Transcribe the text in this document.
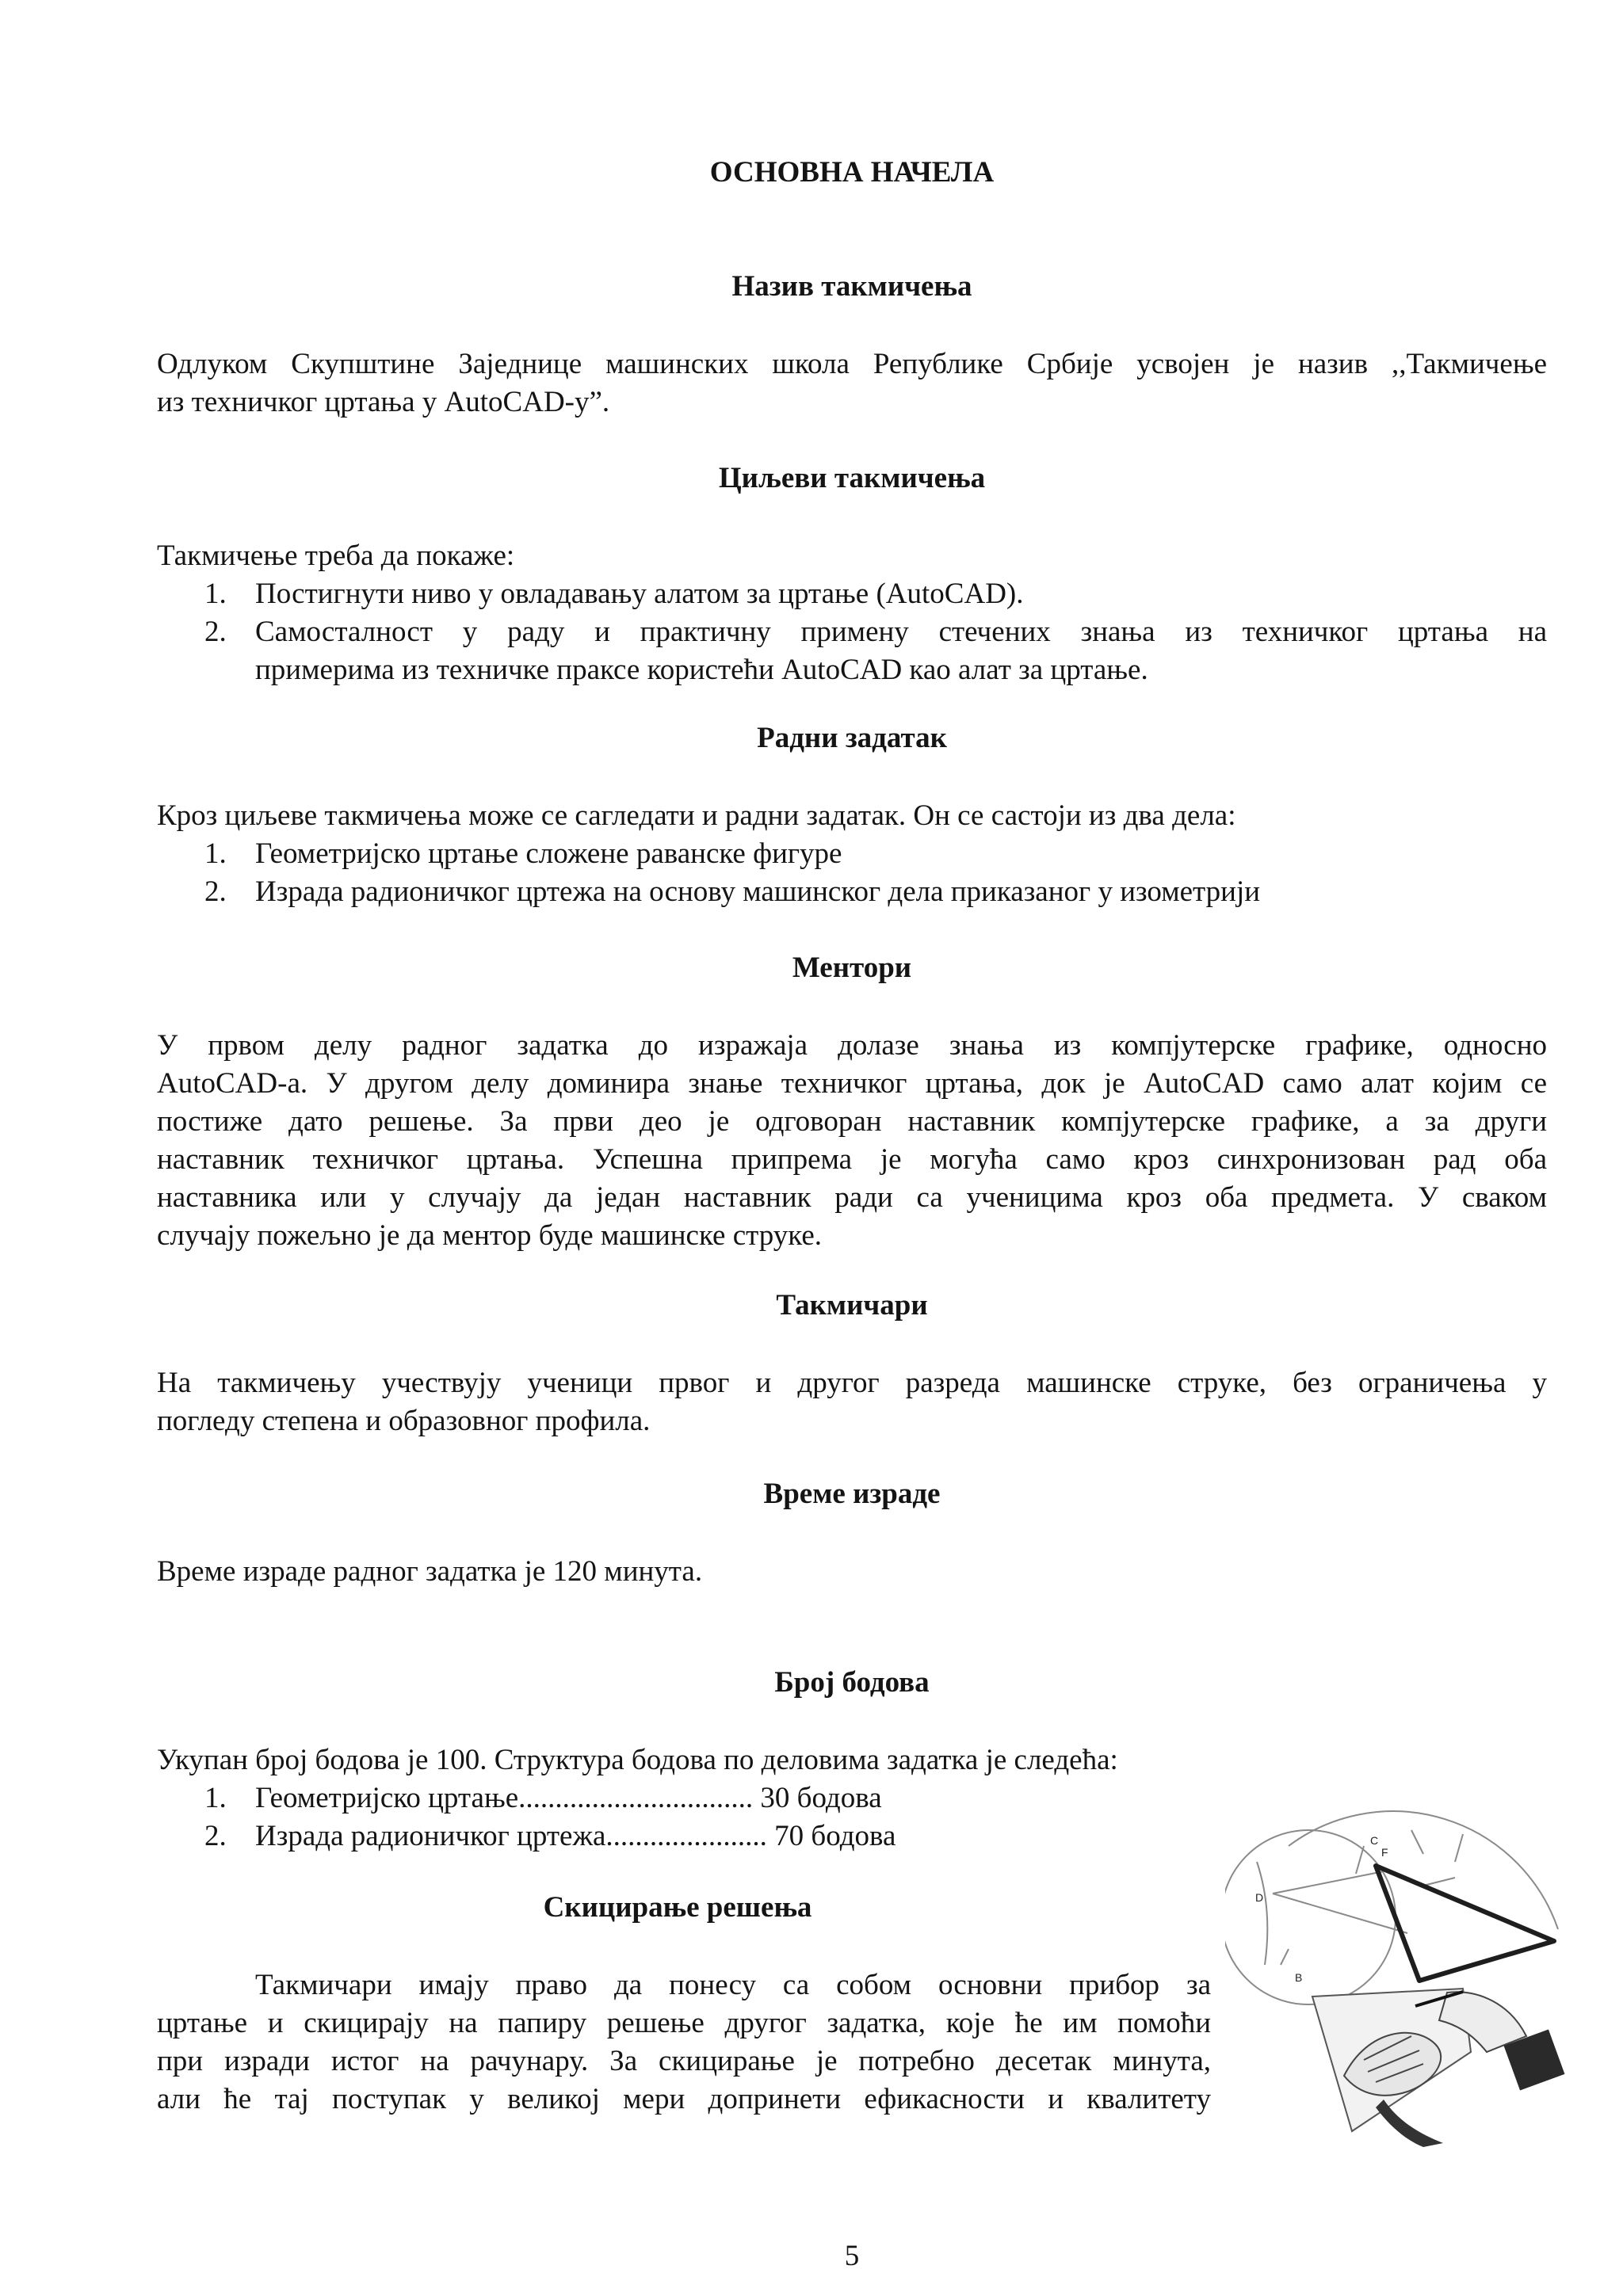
ОСНОВНА НАЧЕЛА
Назив такмичења

Одлуком Скупштине Заједнице машинских школа Републике Србије усвојен је назив ,,Такмичење
из техничког цртања у AutoCAD-у”.

Циљеви такмичења

Такмичење треба да покаже:

1. Постигнути ниво у овладавању алатом за цртање (AutoCAD).
2. Самосталност у раду и практичну примену стечених знања из техничког цртања на
примерима из техничке праксе користећи AutoCAD као алат за цртање.
Радни задатак

Кроз циљеве такмичења може се сагледати и радни задатак. Он се састоји из два дела:

1. Геометријско цртање сложене раванске фигуре
2. Израда радионичког цртежа на основу машинског дела приказаног у изометрији
Ментори

У првом делу радног задатка до изражаја долазе знања из компјутерске графике, односно
AutoCAD-а. У другом делу доминира знање техничког цртања, док је AutoCAD само алат којим се
постиже дато решење. За први део је одговоран наставник компјутерске графике, а за други
наставник техничког цртања. Успешна припрема је могућа само кроз синхронизован рад оба
наставника или у случају да један наставник ради са ученицима кроз оба предмета. У сваком
случају пожељно је да ментор буде машинске струке.

Такмичари

На такмичењу учествују ученици првог и другог разреда машинске струке, без ограничења у
погледу степена и образовног профила.

Време израде

Време израде радног задатка је 120 минута.

Број бодова

Укупан број бодова је 100. Структура бодова по деловима задатка је следећа:

1. Геометријско цртање................................ 30 бодова
2. Израда радионичког цртежа...................... 70 бодова
Скицирање решења

Такмичари имају право да понесу са собом основни прибор за
цртање и скицирају на папиру решење другог задатка, које ће им помоћи
при изради истог на рачунару. За скицирање је потребно десетак минута,
али ће тај поступак у великој мери допринети ефикасности и квалитету

C
F
D
B

5
